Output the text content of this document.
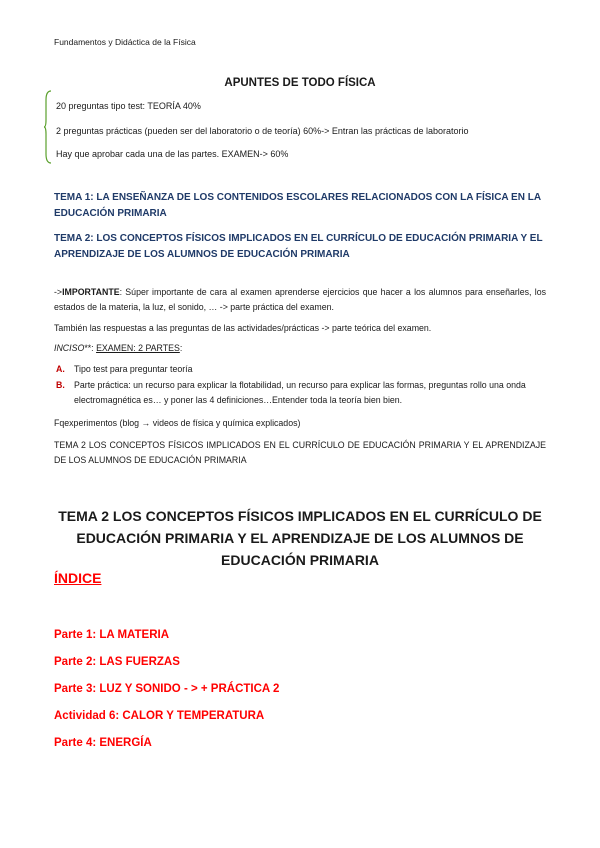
Fundamentos y Didáctica de la Física
APUNTES DE TODO FÍSICA
20 preguntas tipo test: TEORÍA 40%
2 preguntas prácticas (pueden ser del laboratorio o de teoría) 60%-> Entran las prácticas de laboratorio
Hay que aprobar cada una de las partes. EXAMEN-> 60%
TEMA 1: LA ENSEÑANZA DE LOS CONTENIDOS ESCOLARES RELACIONADOS CON LA FÍSICA EN LA EDUCACIÓN PRIMARIA
TEMA 2: LOS CONCEPTOS FÍSICOS IMPLICADOS EN EL CURRÍCULO DE EDUCACIÓN PRIMARIA Y EL APRENDIZAJE DE LOS ALUMNOS DE EDUCACIÓN PRIMARIA
->IMPORTANTE: Súper importante de cara al examen aprenderse ejercicios que hacer a los alumnos para enseñarles, los estados de la materia, la luz, el sonido, … -> parte práctica del examen.
También las respuestas a las preguntas de las actividades/prácticas -> parte teórica del examen.
INCISO**: EXAMEN: 2 PARTES:
A. Tipo test para preguntar teoría
B. Parte práctica: un recurso para explicar la flotabilidad, un recurso para explicar las formas, preguntas rollo una onda electromagnética es… y poner las 4 definiciones…Entender toda la teoría bien bien.
Fqexperimentos (blog → videos de física y química explicados)
TEMA 2 LOS CONCEPTOS FÍSICOS IMPLICADOS EN EL CURRÍCULO DE EDUCACIÓN PRIMARIA Y EL APRENDIZAJE DE LOS ALUMNOS DE EDUCACIÓN PRIMARIA
TEMA 2 LOS CONCEPTOS FÍSICOS IMPLICADOS EN EL CURRÍCULO DE EDUCACIÓN PRIMARIA Y EL APRENDIZAJE DE LOS ALUMNOS DE EDUCACIÓN PRIMARIA
ÍNDICE
Parte 1: LA MATERIA
Parte 2: LAS FUERZAS
Parte 3: LUZ Y SONIDO - > + PRÁCTICA 2
Actividad 6: CALOR Y TEMPERATURA
Parte 4: ENERGÍA
